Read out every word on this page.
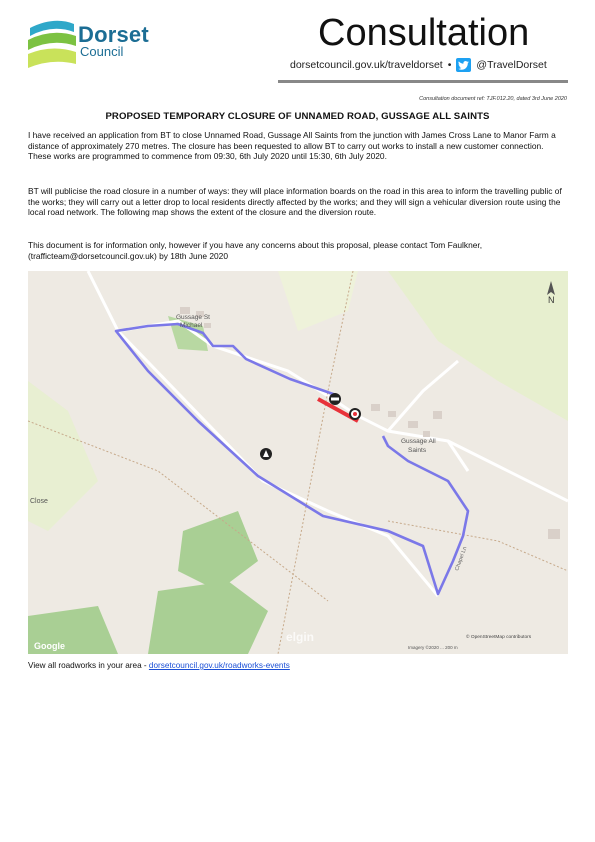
Dorset
Council	Consultation
dorsetcouncil.gov.uk/traveldorset • @TravelDorset
Consultation document ref: TJF.012.20, dated 3rd June 2020
PROPOSED TEMPORARY CLOSURE OF UNNAMED ROAD, GUSSAGE ALL SAINTS

I have received an application from BT to close Unnamed Road, Gussage All Saints from the junction with James Cross Lane to Manor Farm a distance of approximately 270 metres. The closure has been requested to allow BT to carry out works to install a new customer connection. These works are programmed to commence from 09:30, 6th July 2020 until 15:30, 6th July 2020.

BT will publicise the road closure in a number of ways: they will place information boards on the road in this area to inform the travelling public of the works; they will carry out a letter drop to local residents directly affected by the works; and they will sign a vehicular diversion route using the local road network. The following map shows the extent of the closure and the diversion route.

This document is for information only, however if you have any concerns about this proposal, please contact Tom Faulkner, (trafficteam@dorsetcouncil.gov.uk) by 18th June 2020

N
Gussage St
Michael
Gussage All
Saints
Close
Chapel Ln
elgin
Google
© OpenStreetMap contributors
Imagery ©2020 ... 200 m
View all roadworks in your area - dorsetcouncil.gov.uk/roadworks-events
